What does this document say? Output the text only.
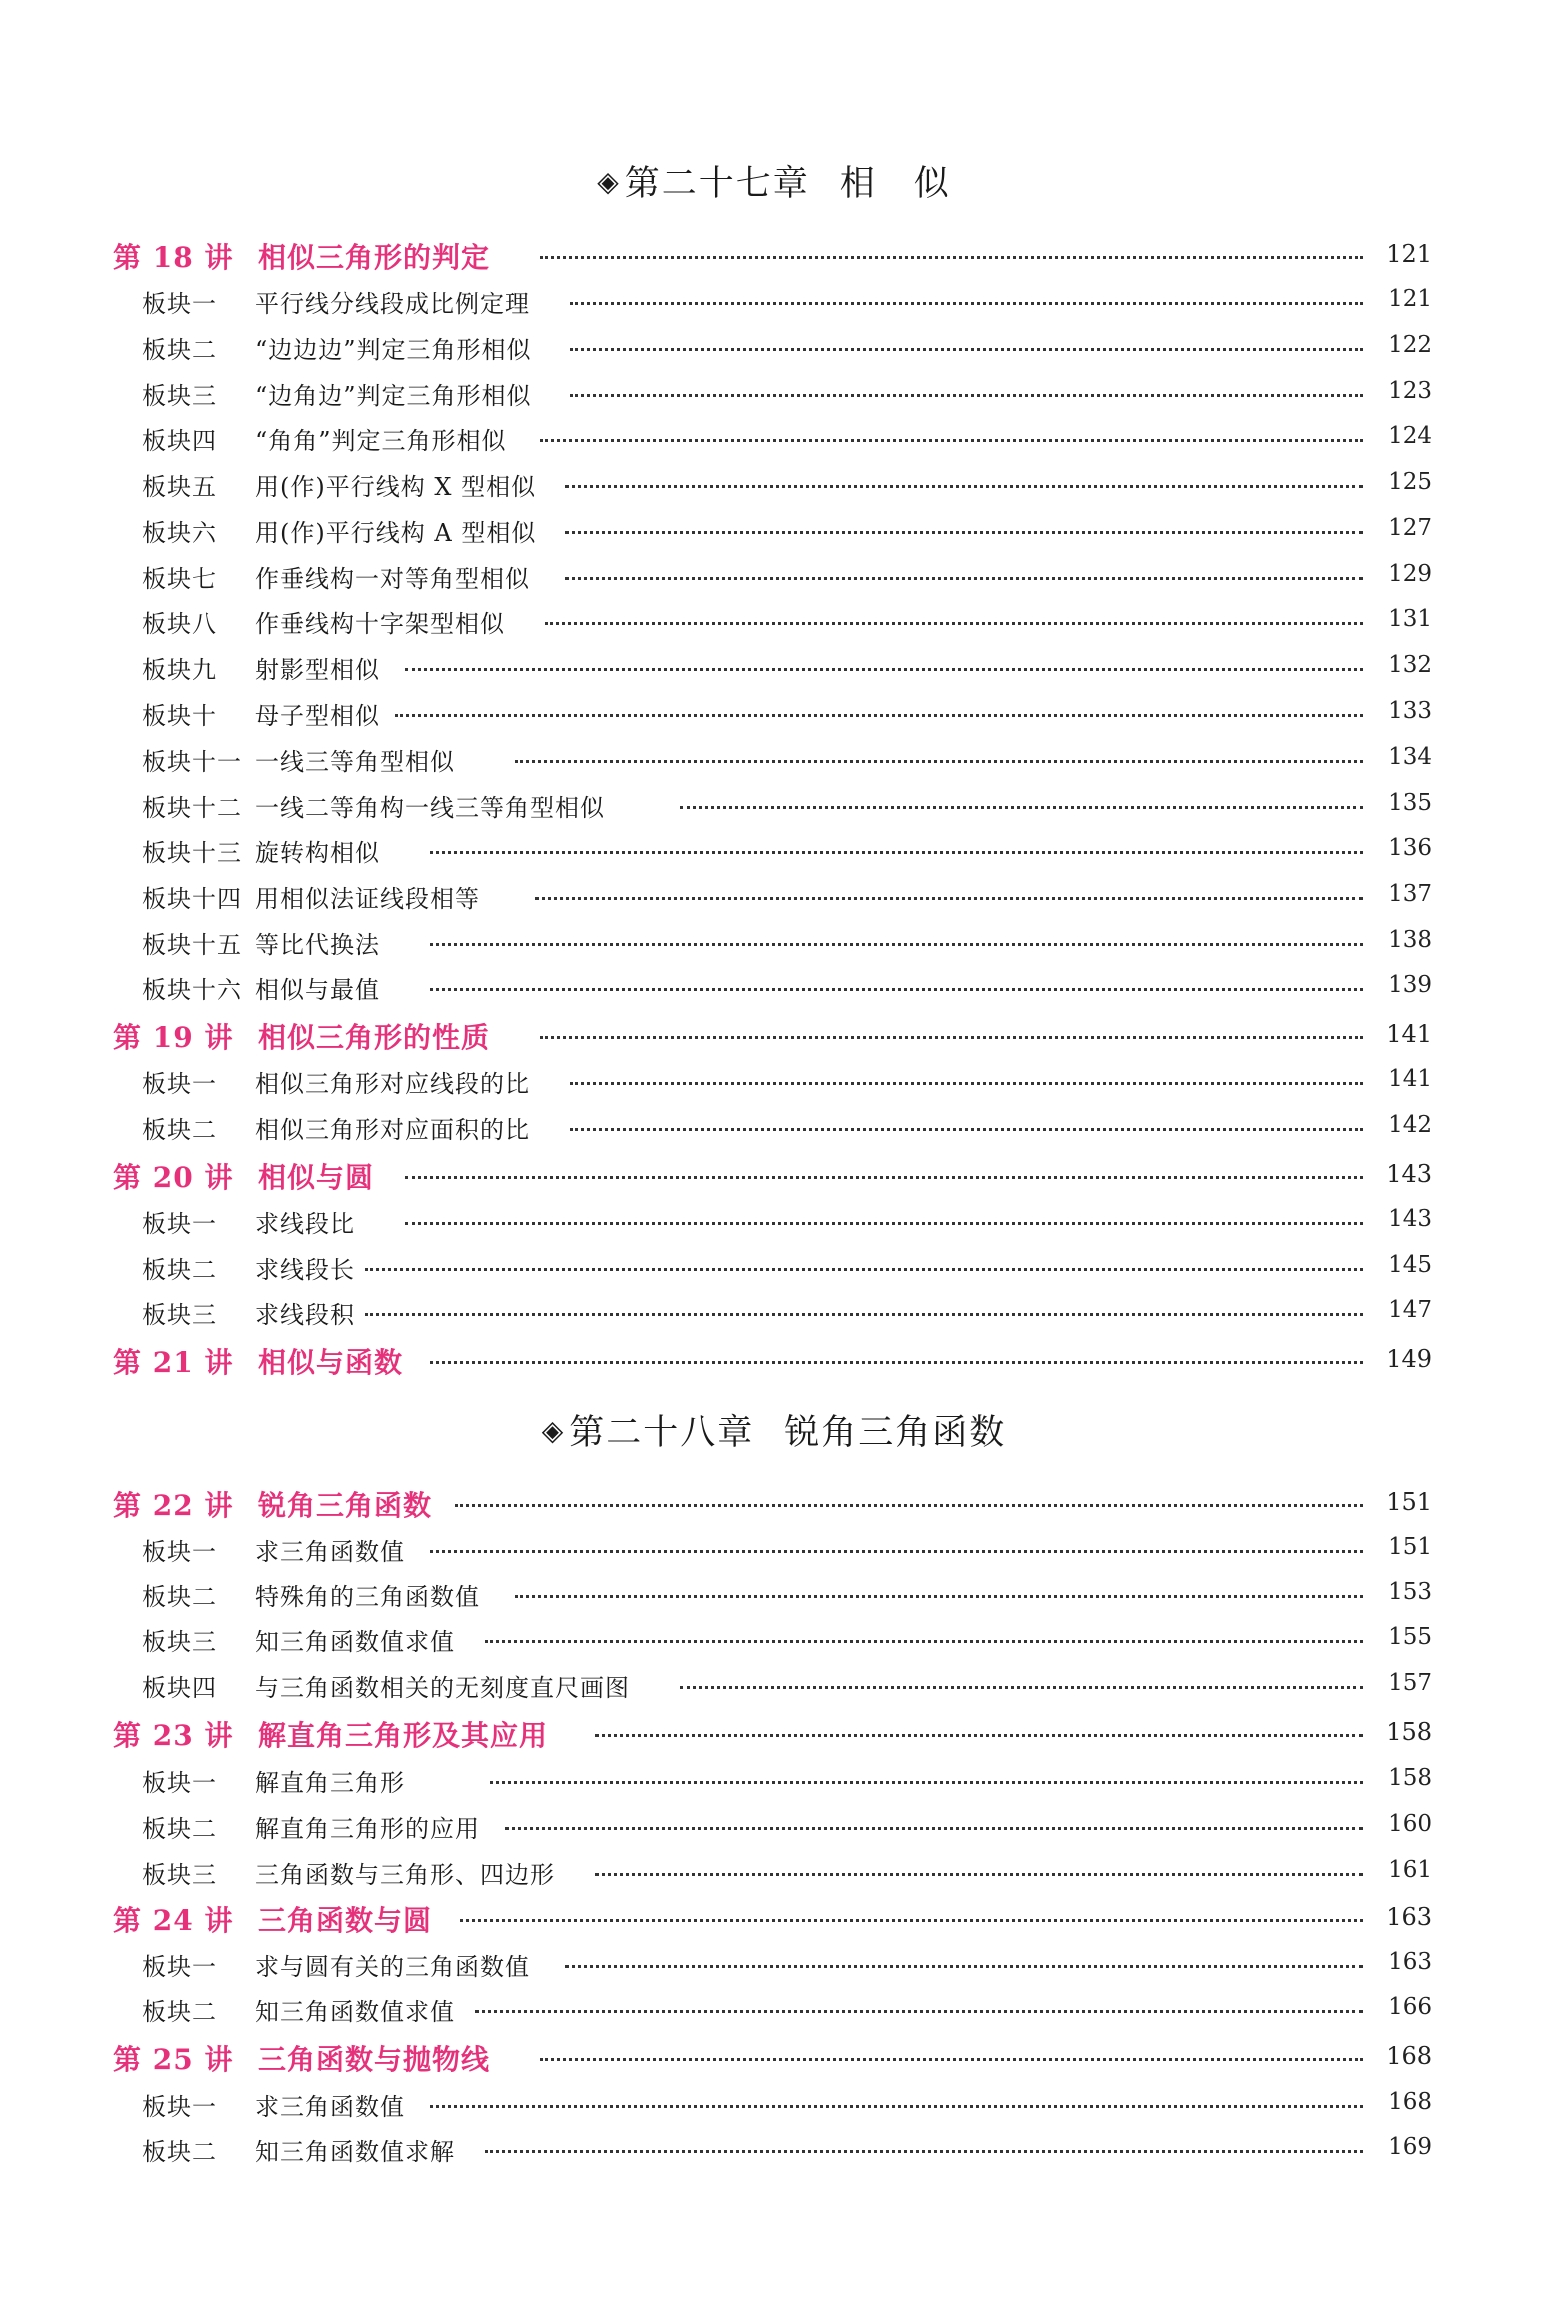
◈ 第二十七章 相　似
◈ 第二十八章 锐角三角函数
第 18 讲 相似三角形的判定	121
板块一 平行线分线段成比例定理	121
板块二 “边边边”判定三角形相似	122
板块三 “边角边”判定三角形相似	123
板块四 “角角”判定三角形相似	124
板块五 用(作)平行线构 X 型相似	125
板块六 用(作)平行线构 A 型相似	127
板块七 作垂线构一对等角型相似	129
板块八 作垂线构十字架型相似	131
板块九 射影型相似	132
板块十 母子型相似	133
板块十一 一线三等角型相似	134
板块十二 一线二等角构一线三等角型相似	135
板块十三 旋转构相似	136
板块十四 用相似法证线段相等	137
板块十五 等比代换法	138
板块十六 相似与最值	139
第 19 讲 相似三角形的性质	141
板块一 相似三角形对应线段的比	141
板块二 相似三角形对应面积的比	142
第 20 讲 相似与圆	143
板块一 求线段比	143
板块二 求线段长	145
板块三 求线段积	147
第 21 讲 相似与函数	149
第 22 讲 锐角三角函数	151
板块一 求三角函数值	151
板块二 特殊角的三角函数值	153
板块三 知三角函数值求值	155
板块四 与三角函数相关的无刻度直尺画图	157
第 23 讲 解直角三角形及其应用	158
板块一 解直角三角形	158
板块二 解直角三角形的应用	160
板块三 三角函数与三角形、四边形	161
第 24 讲 三角函数与圆	163
板块一 求与圆有关的三角函数值	163
板块二 知三角函数值求值	166
第 25 讲 三角函数与抛物线	168
板块一 求三角函数值	168
板块二 知三角函数值求解	169
